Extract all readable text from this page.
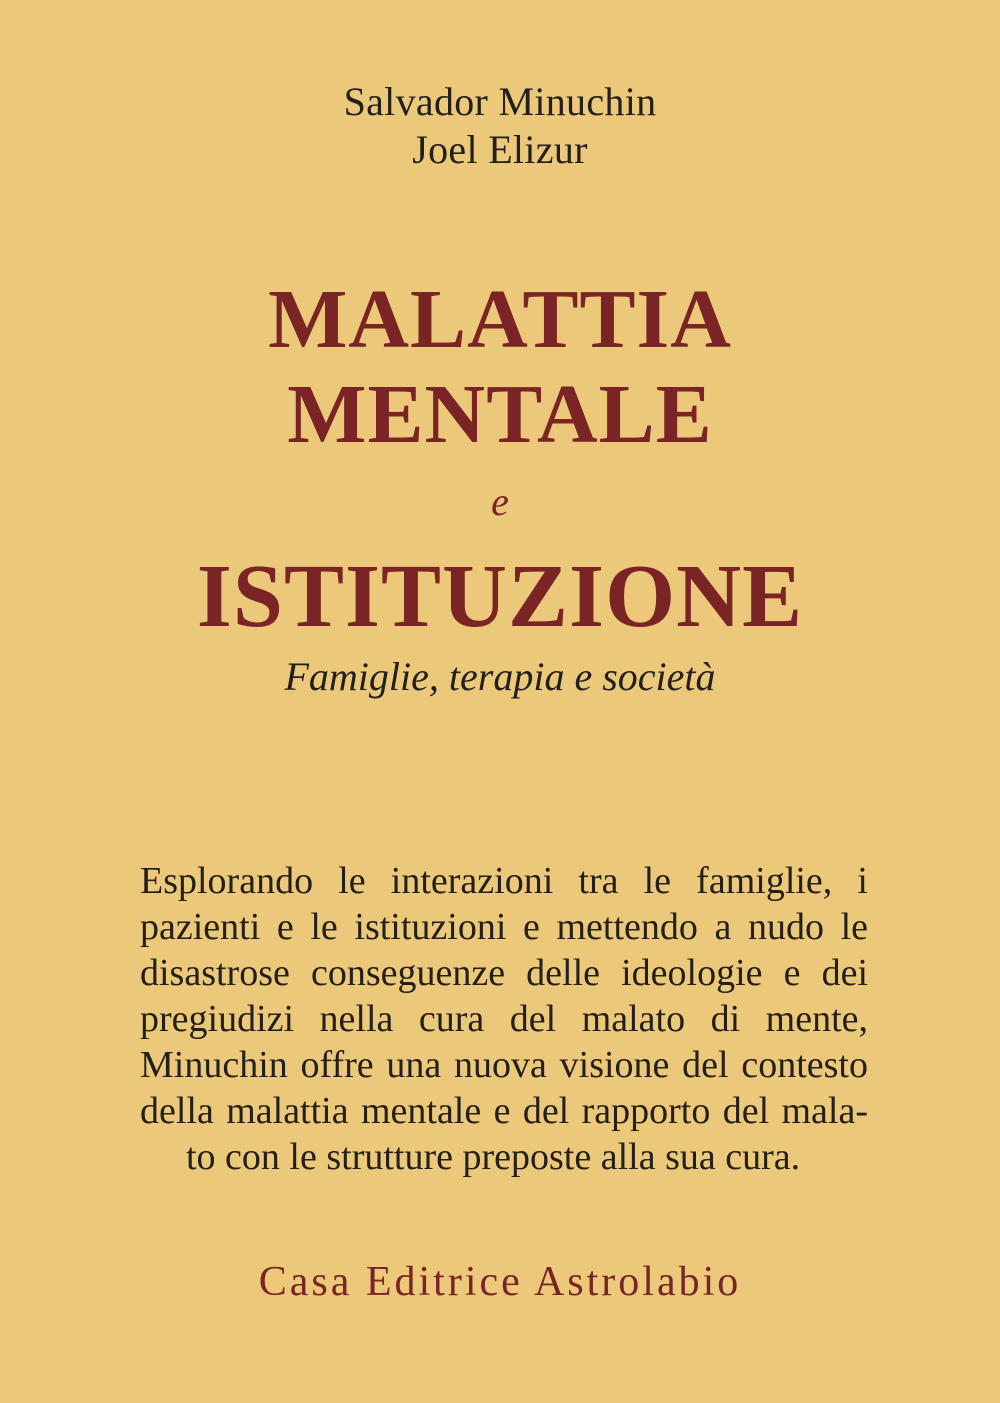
Salvador Minuchin
Joel Elizur
MALATTIA
MENTALE
e
ISTITUZIONE
Famiglie, terapia e società
Esplorando le interazioni tra le famiglie, i
pazienti e le istituzioni e mettendo a nudo le
disastrose conseguenze delle ideologie e dei
pregiudizi nella cura del malato di mente,
Minuchin offre una nuova visione del contesto
della malattia mentale e del rapporto del mala-
to con le strutture preposte alla sua cura.
Casa Editrice Astrolabio
